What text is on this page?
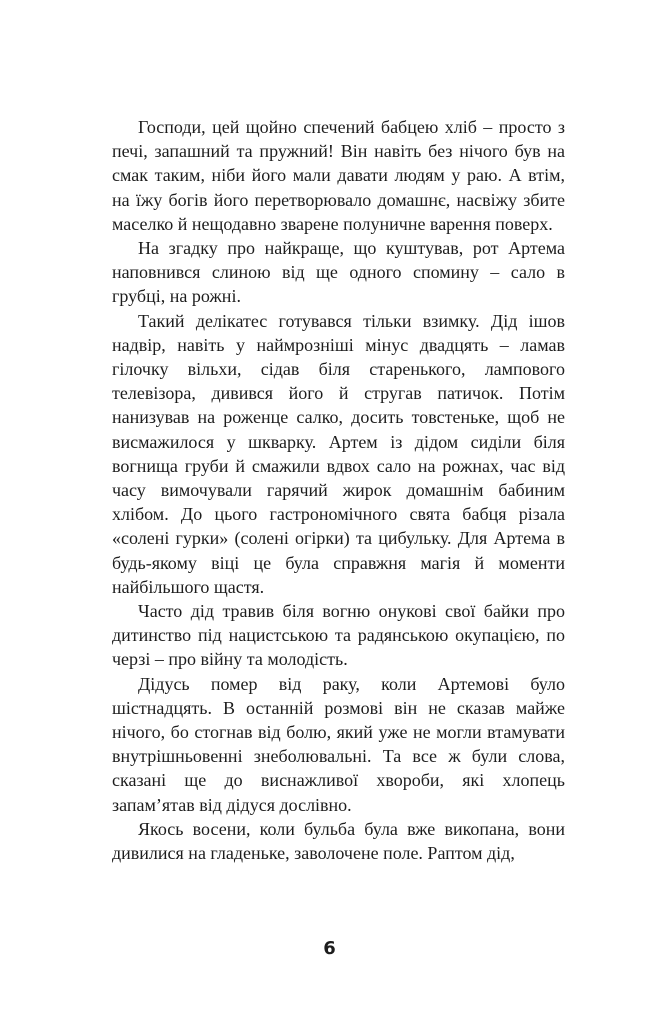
Господи, цей щойно спечений бабцею хліб – просто з печі, запашний та пружний! Він навіть без нічого був на смак таким, ніби його мали давати людям у раю. А втім, на їжу богів його перетворювало домашнє, насвіжу збите маселко й нещодавно зварене полуничне варення поверх.

На згадку про найкраще, що куштував, рот Артема наповнився слиною від ще одного спомину – сало в грубці, на рожні.

Такий делікатес готувався тільки взимку. Дід ішов надвір, навіть у наймрозніші мінус двадцять – ламав гілочку вільхи, сідав біля старенького, лампового телевізора, дивився його й стругав патичок. Потім нанизував на роженце салко, досить товстеньке, щоб не висмажилося у шкварку. Артем із дідом сиділи біля вогнища груби й смажили вдвох сало на рожнах, час від часу вимочували гарячий жирок домашнім бабиним хлібом. До цього гастрономічного свята бабця різала «солені гурки» (солені огірки) та цибульку. Для Артема в будь-якому віці це була справжня магія й моменти найбільшого щастя.

Часто дід травив біля вогню онукові свої байки про дитинство під нацистською та радянською окупацією, по черзі – про війну та молодість.

Дідусь помер від раку, коли Артемові було шістнадцять. В останній розмові він не сказав майже нічого, бо стогнав від болю, який уже не могли втамувати внутрішньовенні знеболювальні. Та все ж були слова, сказані ще до виснажливої хвороби, які хлопець запам’ятав від дідуся дослівно.

Якось восени, коли бульба була вже викопана, вони дивилися на гладеньке, заволочене поле. Раптом дід,

6
